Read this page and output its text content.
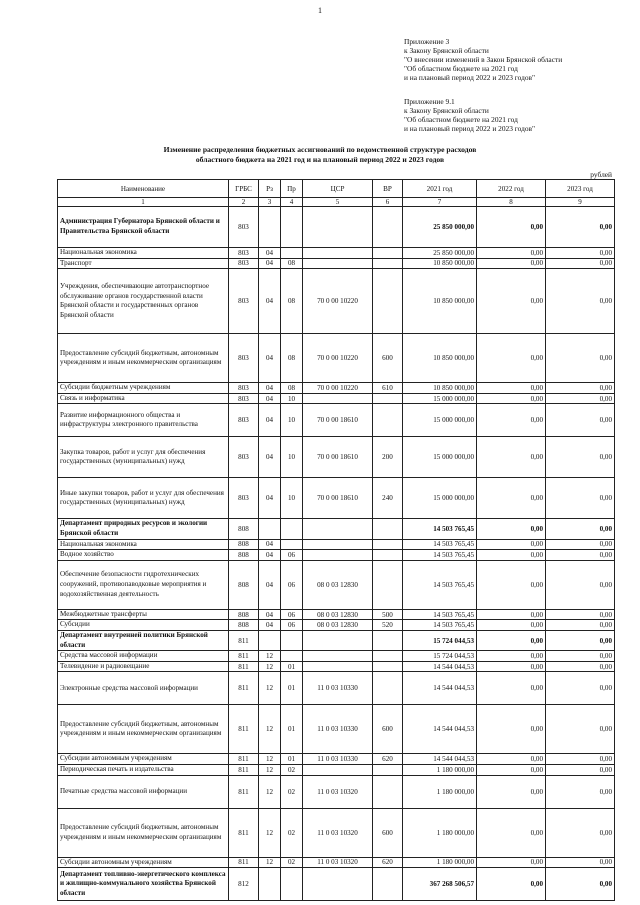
1
Приложение 3
к Закону Брянской области
"О внесении изменений в Закон Брянской области
"Об областном бюджете на 2021 год
и на плановый период 2022 и 2023 годов"
Приложение 9.1
к Закону Брянской области
"Об областном бюджете на 2021 год
и на плановый период 2022 и 2023 годов"
Изменение распределения бюджетных ассигнований по ведомственной структуре расходов
областного бюджета на 2021 год и на плановый период 2022 и 2023 годов
рублей
Наименование	ГРБС	Рз	Пр	ЦСР	ВР	2021 год	2022 год	2023 год
1	2	3	4	5	6	7	8	9
Администрация Губернатора Брянской области и Правительства Брянской области	803					25 850 000,00	0,00	0,00
Национальная экономика	803	04				25 850 000,00	0,00	0,00
Транспорт	803	04	08			10 850 000,00	0,00	0,00
Учреждения, обеспечивающие автотранспортное обслуживание органов государственной власти Брянской области и государственных органов Брянской области	803	04	08	70 0 00 10220		10 850 000,00	0,00	0,00
Предоставление субсидий бюджетным, автономным учреждениям и иным некоммерческим организациям	803	04	08	70 0 00 10220	600	10 850 000,00	0,00	0,00
Субсидии бюджетным учреждениям	803	04	08	70 0 00 10220	610	10 850 000,00	0,00	0,00
Связь и информатика	803	04	10			15 000 000,00	0,00	0,00
Развитие информационного общества и инфраструктуры электронного правительства	803	04	10	70 0 00 18610		15 000 000,00	0,00	0,00
Закупка товаров, работ и услуг для обеспечения государственных (муниципальных) нужд	803	04	10	70 0 00 18610	200	15 000 000,00	0,00	0,00
Иные закупки товаров, работ и услуг для обеспечения государственных (муниципальных) нужд	803	04	10	70 0 00 18610	240	15 000 000,00	0,00	0,00
Департамент природных ресурсов и экологии Брянской области	808					14 503 765,45	0,00	0,00
Национальная экономика	808	04				14 503 765,45	0,00	0,00
Водное хозяйство	808	04	06			14 503 765,45	0,00	0,00
Обеспечение безопасности гидротехнических сооружений, противопаводковые мероприятия и водохозяйственная деятельность	808	04	06	08 0 03 12830		14 503 765,45	0,00	0,00
Межбюджетные трансферты	808	04	06	08 0 03 12830	500	14 503 765,45	0,00	0,00
Субсидии	808	04	06	08 0 03 12830	520	14 503 765,45	0,00	0,00
Департамент внутренней политики Брянской области	811					15 724 044,53	0,00	0,00
Средства массовой информации	811	12				15 724 044,53	0,00	0,00
Телевидение и радиовещание	811	12	01			14 544 044,53	0,00	0,00
Электронные средства массовой информации	811	12	01	11 0 03 10330		14 544 044,53	0,00	0,00
Предоставление субсидий бюджетным, автономным учреждениям и иным некоммерческим организациям	811	12	01	11 0 03 10330	600	14 544 044,53	0,00	0,00
Субсидии автономным учреждениям	811	12	01	11 0 03 10330	620	14 544 044,53	0,00	0,00
Периодическая печать и издательства	811	12	02			1 180 000,00	0,00	0,00
Печатные средства массовой информации	811	12	02	11 0 03 10320		1 180 000,00	0,00	0,00
Предоставление субсидий бюджетным, автономным учреждениям и иным некоммерческим организациям	811	12	02	11 0 03 10320	600	1 180 000,00	0,00	0,00
Субсидии автономным учреждениям	811	12	02	11 0 03 10320	620	1 180 000,00	0,00	0,00
Департамент топливно-энергетического комплекса и жилищно-коммунального хозяйства Брянской области	812					367 268 506,57	0,00	0,00
